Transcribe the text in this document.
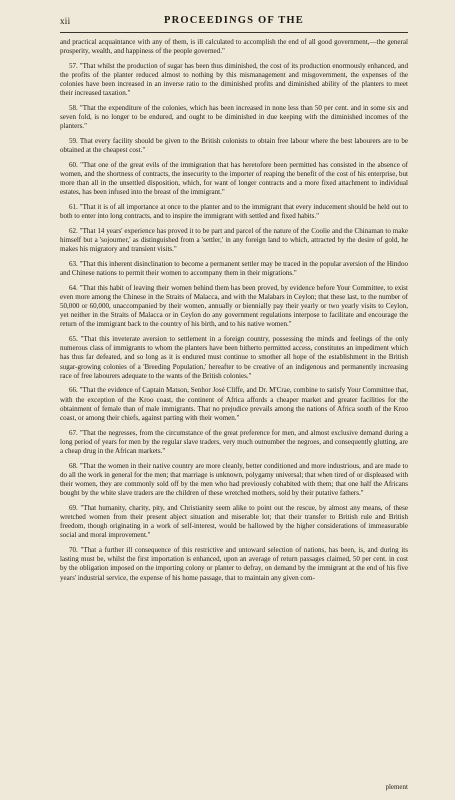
xii	PROCEEDINGS OF THE

and practical acquaintance with any of them, is ill calculated to accomplish the end of all good government,—the general prosperity, wealth, and happiness of the people governed."

57. "That whilst the production of sugar has been thus diminished, the cost of its production enormously enhanced, and the profits of the planter reduced almost to nothing by this mismanagement and misgovernment, the expenses of the colonies have been increased in an inverse ratio to the diminished profits and diminished ability of the planters to meet their increased taxation."

58. "That the expenditure of the colonies, which has been increased in none less than 50 per cent. and in some six and seven fold, is no longer to be endured, and ought to be diminished in due keeping with the diminished incomes of the planters."

59. That every facility should be given to the British colonists to obtain free labour where the best labourers are to be obtained at the cheapest cost."

60. "That one of the great evils of the immigration that has heretofore been permitted has consisted in the absence of women, and the shortness of contracts, the insecurity to the importer of reaping the benefit of the cost of his enterprise, but more than all in the unsettled disposition, which, for want of longer contracts and a more fixed attachment to individual estates, has been infused into the breast of the immigrant."

61. "That it is of all importance at once to the planter and to the immigrant that every inducement should be held out to both to enter into long contracts, and to inspire the immigrant with settled and fixed habits."

62. "That 14 years' experience has proved it to be part and parcel of the nature of the Coolie and the Chinaman to make himself but a 'sojourner,' as distinguished from a 'settler,' in any foreign land to which, attracted by the desire of gold, he makes his migratory and transient visits."

63. "That this inherent disinclination to become a permanent settler may be traced in the popular aversion of the Hindoo and Chinese nations to permit their women to accompany them in their migrations."

64. "That this habit of leaving their women behind them has been proved, by evidence before Your Committee, to exist even more among the Chinese in the Straits of Malacca, and with the Malabars in Ceylon; that these last, to the number of 50,000 or 60,000, unaccompanied by their women, annually or biennially pay their yearly or two yearly visits to Ceylon, yet neither in the Straits of Malacca or in Ceylon do any government regulations interpose to facilitate and encourage the return of the immigrant back to the country of his birth, and to his native women."

65. "That this inveterate aversion to settlement in a foreign country, possessing the minds and feelings of the only numerous class of immigrants to whom the planters have been hitherto permitted access, constitutes an impediment which has thus far defeated, and so long as it is endured must continue to smother all hope of the establishment in the British sugar-growing colonies of a 'Breeding Population,' hereafter to be creative of an indigenous and permanently increasing race of free labourers adequate to the wants of the British colonies."

66. "That the evidence of Captain Matson, Senhor José Cliffe, and Dr. M'Crae, combine to satisfy Your Committee that, with the exception of the Kroo coast, the continent of Africa affords a cheaper market and greater facilities for the obtainment of female than of male immigrants. That no prejudice prevails among the nations of Africa south of the Kroo coast, or among their chiefs, against parting with their women."

67. "That the negresses, from the circumstance of the great preference for men, and almost exclusive demand during a long period of years for men by the regular slave traders, very much outnumber the negroes, and consequently glutting, are a cheap drug in the African markets."

68. "That the women in their native country are more cleanly, better conditioned and more industrious, and are made to do all the work in general for the men; that marriage is unknown, polygamy universal; that when tired of or displeased with their women, they are commonly sold off by the men who had previously cohabited with them; that one half the Africans bought by the white slave traders are the children of these wretched mothers, sold by their putative fathers."

69. "That humanity, charity, pity, and Christianity seem alike to point out the rescue, by almost any means, of these wretched women from their present abject situation and miserable lot; that their transfer to British rule and British freedom, though originating in a work of self-interest, would be hallowed by the higher considerations of immeasurable social and moral improvement."

70. "That a further ill consequence of this restrictive and untoward selection of nations, has been, is, and during its lasting must be, whilst the first importation is enhanced, upon an average of return passages claimed, 50 per cent. in cost by the obligation imposed on the importing colony or planter to defray, on demand by the immigrant at the end of his five years' industrial service, the expense of his home passage, that to maintain any given com-

plement
